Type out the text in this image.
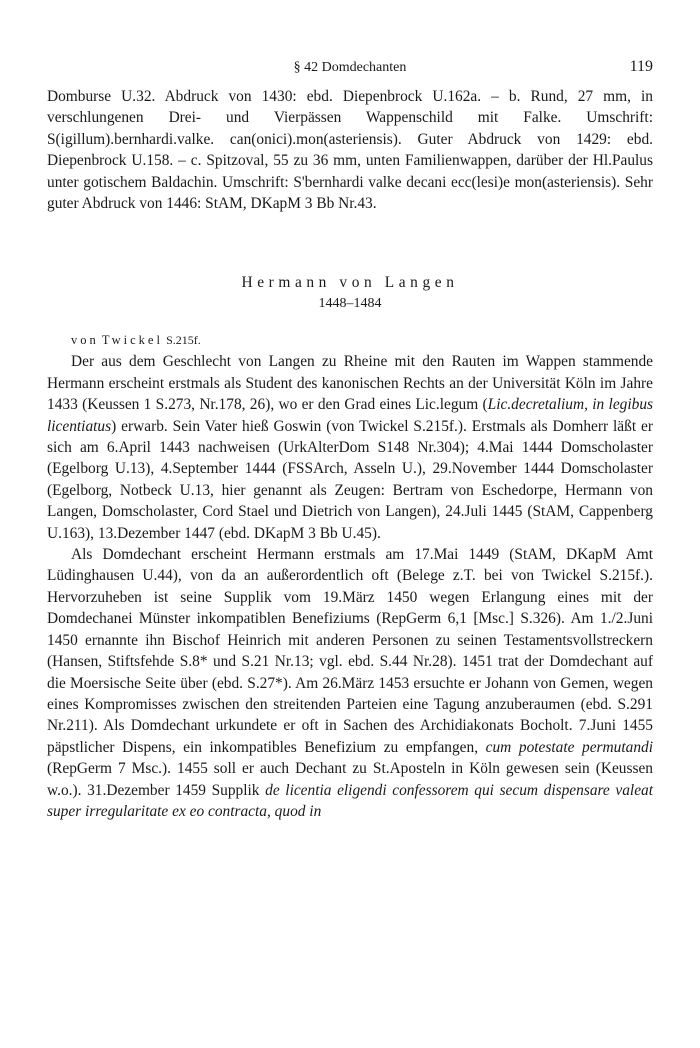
§ 42 Domdechanten	119

Domburse U.32. Abdruck von 1430: ebd. Diepenbrock U.162a. – b. Rund, 27 mm, in verschlungenen Drei- und Vierpässen Wappenschild mit Falke. Umschrift: S(igillum).bernhardi.valke. can(onici).mon(asteriensis). Guter Abdruck von 1429: ebd. Diepenbrock U.158. – c. Spitzoval, 55 zu 36 mm, unten Familienwappen, darüber der Hl.Paulus unter gotischem Baldachin. Umschrift: S'bernhardi valke decani ecc(lesi)e mon(asteriensis). Sehr guter Abdruck von 1446: StAM, DKapM 3 Bb Nr.43.

Hermann von Langen
1448–1484

von Twickel S.215f.

Der aus dem Geschlecht von Langen zu Rheine mit den Rauten im Wappen stammende Hermann erscheint erstmals als Student des kanonischen Rechts an der Universität Köln im Jahre 1433 (Keussen 1 S.273, Nr.178, 26), wo er den Grad eines Lic.legum (Lic.decretalium, in legibus licentiatus) erwarb. Sein Vater hieß Goswin (von Twickel S.215f.). Erstmals als Domherr läßt er sich am 6.April 1443 nachweisen (UrkAlterDom S148 Nr.304); 4.Mai 1444 Domscholaster (Egelborg U.13), 4.September 1444 (FSSArch, Asseln U.), 29.November 1444 Domscholaster (Egelborg, Notbeck U.13, hier genannt als Zeugen: Bertram von Eschedorpe, Hermann von Langen, Domscholaster, Cord Stael und Dietrich von Langen), 24.Juli 1445 (StAM, Cappenberg U.163), 13.Dezember 1447 (ebd. DKapM 3 Bb U.45).

Als Domdechant erscheint Hermann erstmals am 17.Mai 1449 (StAM, DKapM Amt Lüdinghausen U.44), von da an außerordentlich oft (Belege z.T. bei von Twickel S.215f.). Hervorzuheben ist seine Supplik vom 19.März 1450 wegen Erlangung eines mit der Domdechanei Münster inkompatiblen Benefiziums (RepGerm 6,1 [Msc.] S.326). Am 1./2.Juni 1450 ernannte ihn Bischof Heinrich mit anderen Personen zu seinen Testamentsvollstreckern (Hansen, Stiftsfehde S.8* und S.21 Nr.13; vgl. ebd. S.44 Nr.28). 1451 trat der Domdechant auf die Moersische Seite über (ebd. S.27*). Am 26.März 1453 ersuchte er Johann von Gemen, wegen eines Kompromisses zwischen den streitenden Parteien eine Tagung anzuberaumen (ebd. S.291 Nr.211). Als Domdechant urkundete er oft in Sachen des Archidiakonats Bocholt. 7.Juni 1455 päpstlicher Dispens, ein inkompatibles Benefizium zu empfangen, cum potestate permutandi (RepGerm 7 Msc.). 1455 soll er auch Dechant zu St.Aposteln in Köln gewesen sein (Keussen w.o.). 31.Dezember 1459 Supplik de licentia eligendi confessorem qui secum dispensare valeat super irregularitate ex eo contracta, quod in
